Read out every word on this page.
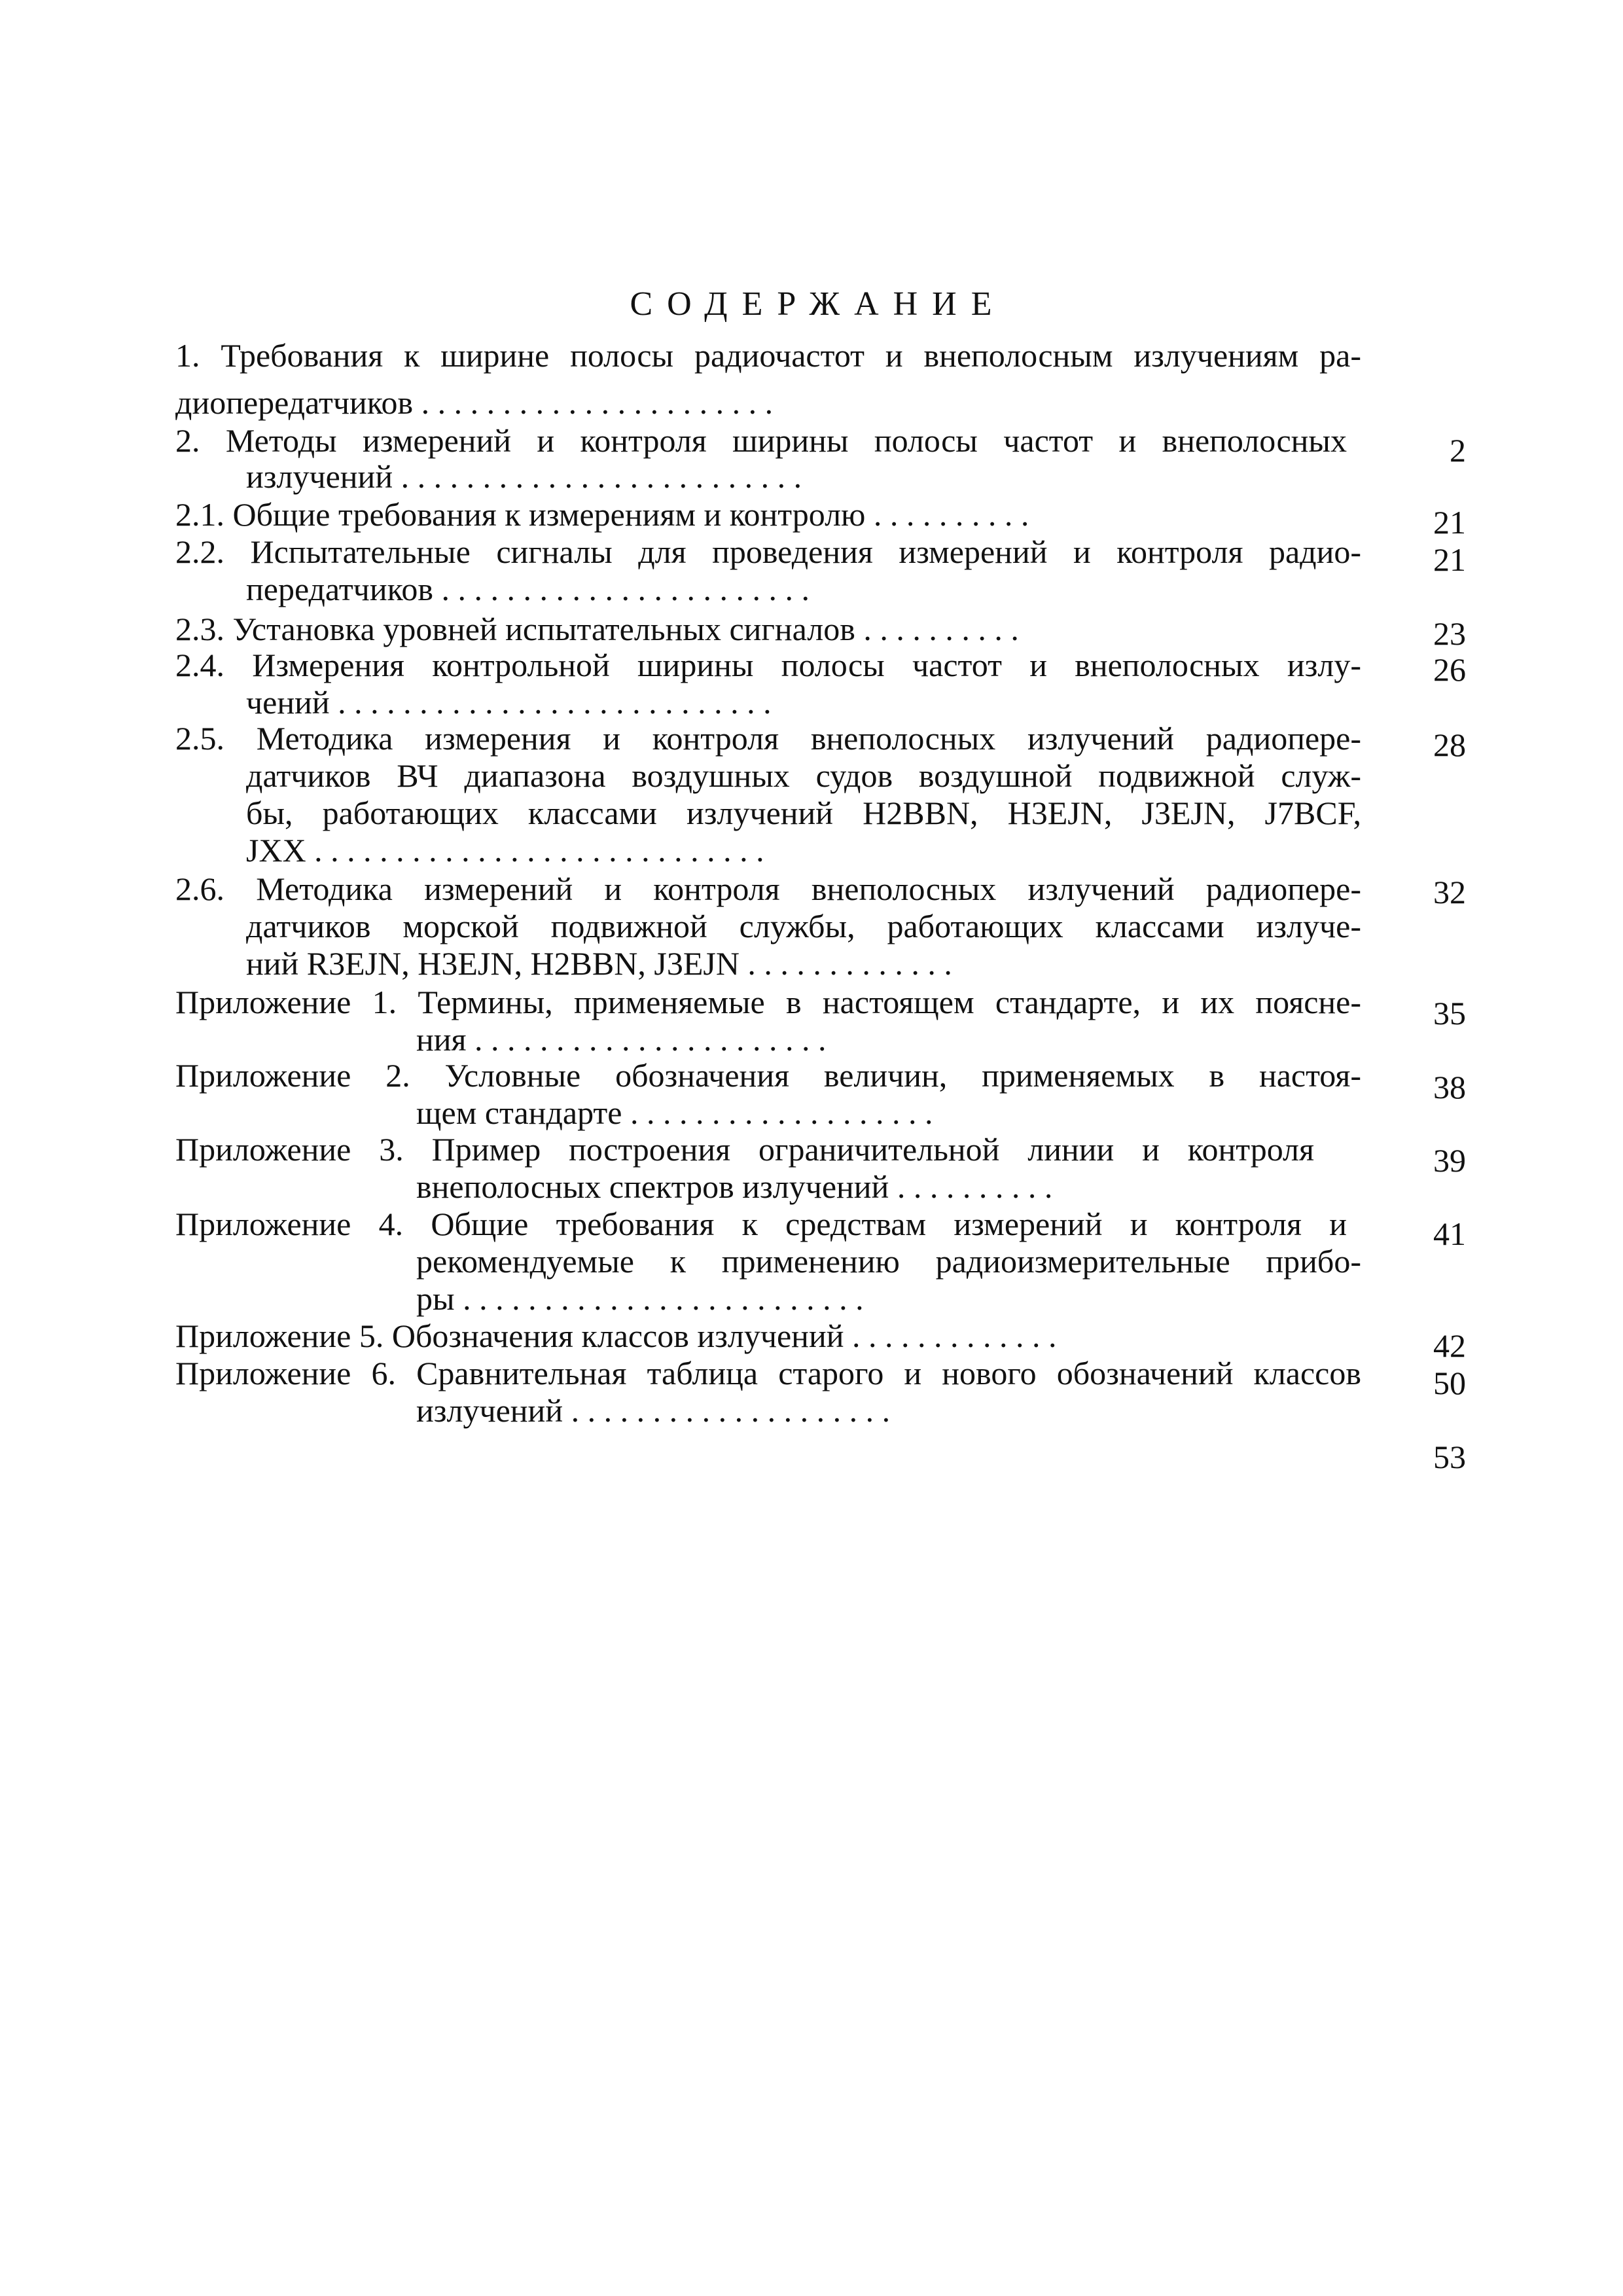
СОДЕРЖАНИЕ
1. Требования к ширине полосы радиочастот и внеполосным излучениям ра-
диопередатчиков . . . . . . . . . . . . . . . . . . . . . .
2. Методы измерений и контроля ширины полосы частот и внеполосных
излучений . . . . . . . . . . . . . . . . . . . . . . . . .
2.1. Общие требования к измерениям и контролю . . . . . . . . . .
2.2. Испытательные сигналы для проведения измерений и контроля радио-
передатчиков . . . . . . . . . . . . . . . . . . . . . . .
2.3. Установка уровней испытательных сигналов . . . . . . . . . .
2.4. Измерения контрольной ширины полосы частот и внеполосных излу-
чений . . . . . . . . . . . . . . . . . . . . . . . . . . .
2.5. Методика измерения и контроля внеполосных излучений радиопере-
датчиков ВЧ диапазона воздушных судов воздушной подвижной служ-
бы, работающих классами излучений H2BBN, H3EJN, J3EJN, J7BCF,
JXX . . . . . . . . . . . . . . . . . . . . . . . . . . . .
2.6. Методика измерений и контроля внеполосных излучений радиопере-
датчиков морской подвижной службы, работающих классами излуче-
ний R3EJN, H3EJN, H2BBN, J3EJN . . . . . . . . . . . . .
Приложение 1. Термины, применяемые в настоящем стандарте, и их поясне-
ния . . . . . . . . . . . . . . . . . . . . . .
Приложение 2. Условные обозначения величин, применяемых в настоя-
щем стандарте . . . . . . . . . . . . . . . . . . .
Приложение 3. Пример построения ограничительной линии и контроля
внеполосных спектров излучений . . . . . . . . . .
Приложение 4. Общие требования к средствам измерений и контроля и
рекомендуемые к применению радиоизмерительные прибо-
ры . . . . . . . . . . . . . . . . . . . . . . . . .
Приложение 5. Обозначения классов излучений . . . . . . . . . . . . .
Приложение 6. Сравнительная таблица старого и нового обозначений классов
излучений . . . . . . . . . . . . . . . . . . . .
2
21
21
23
26
28
32
35
38
39
41
42
50
53
